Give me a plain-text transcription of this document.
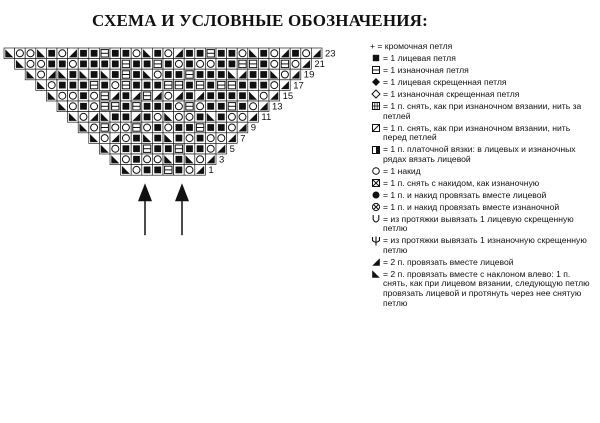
СХЕМА И УСЛОВНЫЕ ОБОЗНАЧЕНИЯ:
1
3
5
7
9
11
13
15
17
19
21
23
+ = кромочная петля
= 1 лицевая петля
= 1 изнаночная петля
= 1 лицевая скрещенная петля
= 1 изнаночная скрещенная петля
= 1 п. снять, как при изнаночном вязании, нить за петлей
= 1 п. снять, как при изнаночном вязании, нить перед петлей
= 1 п. платочной вязки: в лицевых и изнаночных рядах вязать лицевой
= 1 накид
= 1 п. снять с накидом, как изнаночную
= 1 п. и накид провязать вместе лицевой
= 1 п. и накид провязать вместе изнаночной
= из протяжки вывязать 1 лицевую скрещенную петлю
= из протяжки вывязать 1 изнаночную скрещенную петлю
= 2 п. провязать вместе лицевой
= 2 п. провязать вместе с наклоном влево: 1 п. снять, как при лицевом вязании, следующую петлю провязать лицевой и протянуть через нее снятую петлю
